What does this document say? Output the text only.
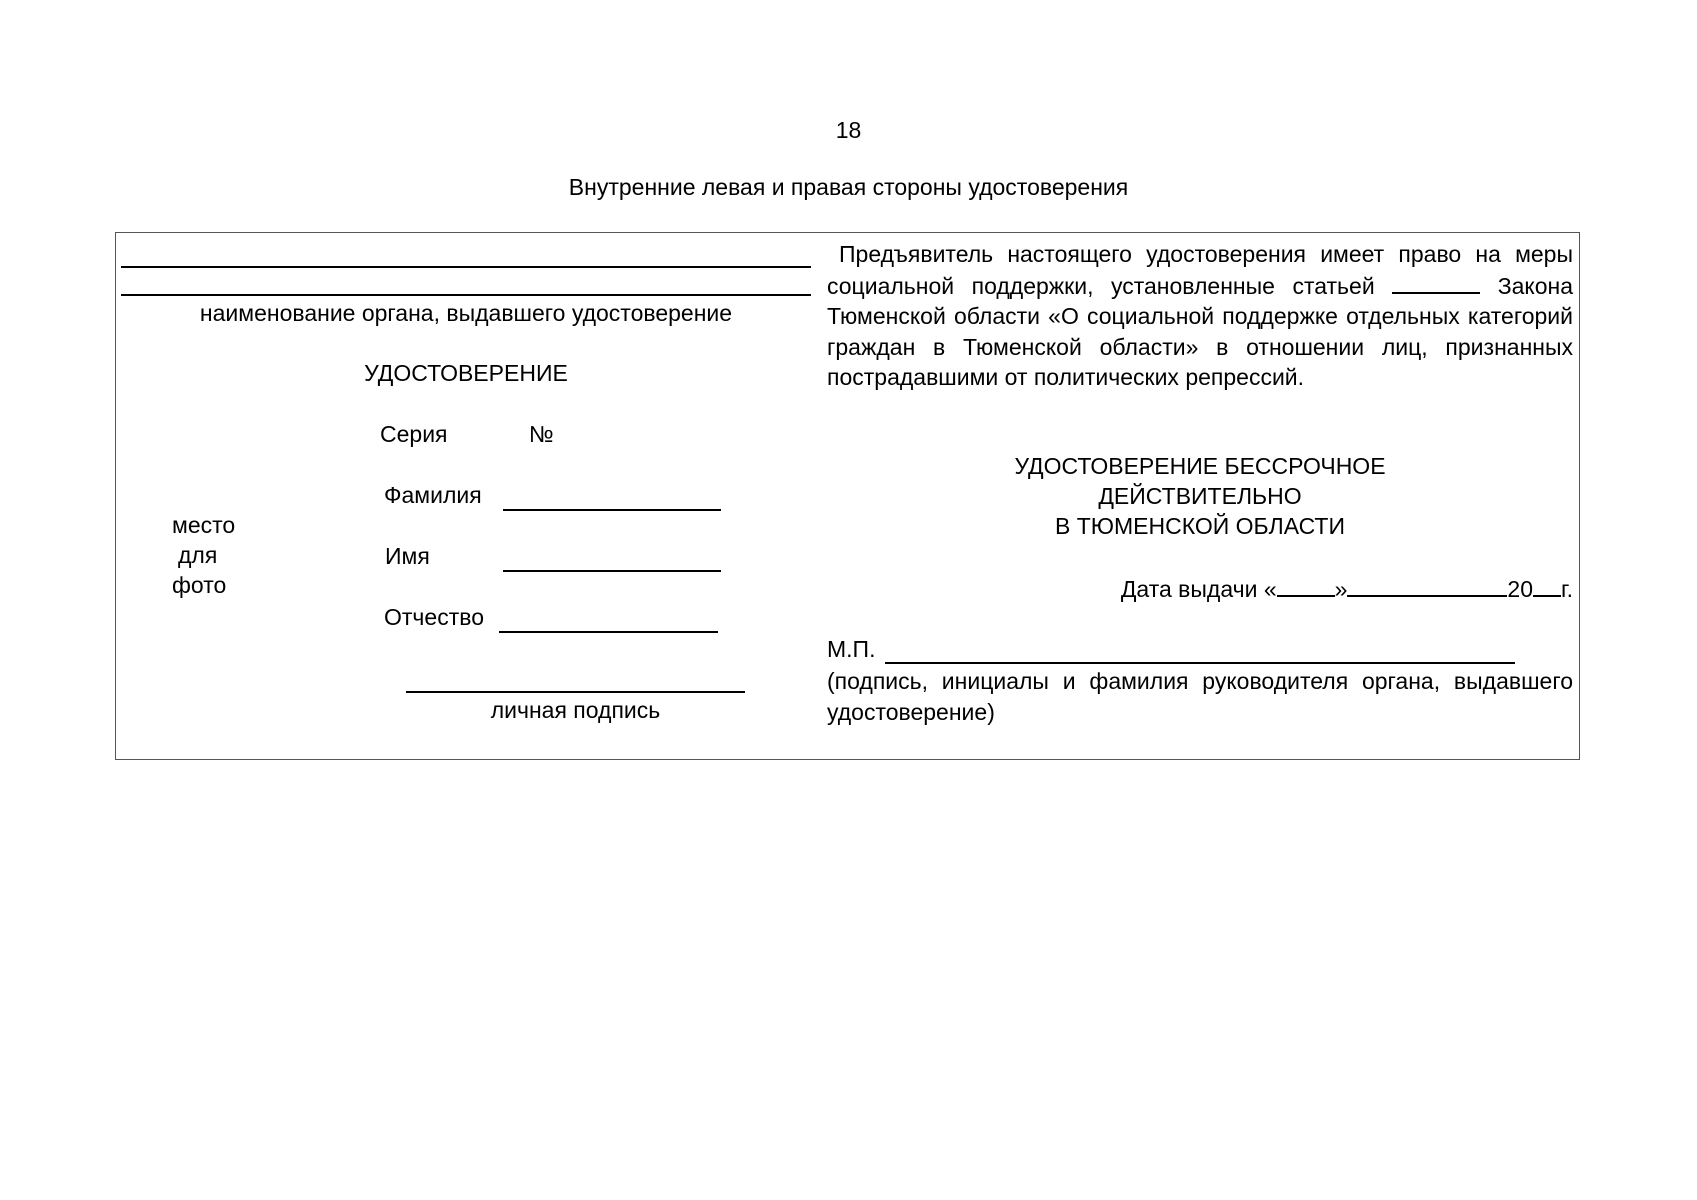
18
Внутренние левая и правая стороны удостоверения
наименование органа, выдавшего удостоверение
УДОСТОВЕРЕНИЕ
Серия	№
место
для
фото
Фамилия
Имя
Отчество
личная подпись
Предъявитель настоящего удостоверения имеет право на меры социальной поддержки, установленные статьей	Закона Тюменской области «О социальной поддержке отдельных категорий граждан в Тюменской области» в отношении лиц, признанных пострадавшими от политических репрессий.
УДОСТОВЕРЕНИЕ БЕССРОЧНОЕ
ДЕЙСТВИТЕЛЬНО
В ТЮМЕНСКОЙ ОБЛАСТИ
Дата выдачи «	»	20 г.
М.П.
(подпись, инициалы и фамилия руководителя органа, выдавшего удостоверение)
